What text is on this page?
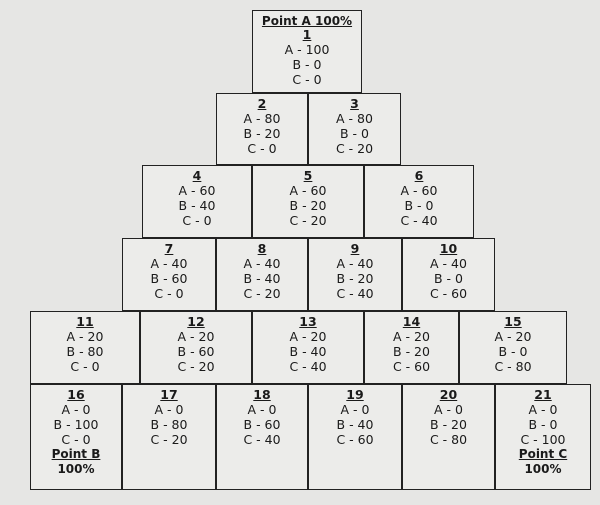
Point A 100%
1
A - 100
B - 0
C - 0
2
A - 80
B - 20
C - 0
3
A - 80
B - 0
C - 20
4
A - 60
B - 40
C - 0
5
A - 60
B - 20
C - 20
6
A - 60
B - 0
C - 40
7
A - 40
B - 60
C - 0
8
A - 40
B - 40
C - 20
9
A - 40
B - 20
C - 40
10
A - 40
B - 0
C - 60
11
A - 20
B - 80
C - 0
12
A - 20
B - 60
C - 20
13
A - 20
B - 40
C - 40
14
A - 20
B - 20
C - 60
15
A - 20
B - 0
C - 80
16
A - 0
B - 100
C - 0
Point B
100%
17
A - 0
B - 80
C - 20
18
A - 0
B - 60
C - 40
19
A - 0
B - 40
C - 60
20
A - 0
B - 20
C - 80
21
A - 0
B - 0
C - 100
Point C
100%
